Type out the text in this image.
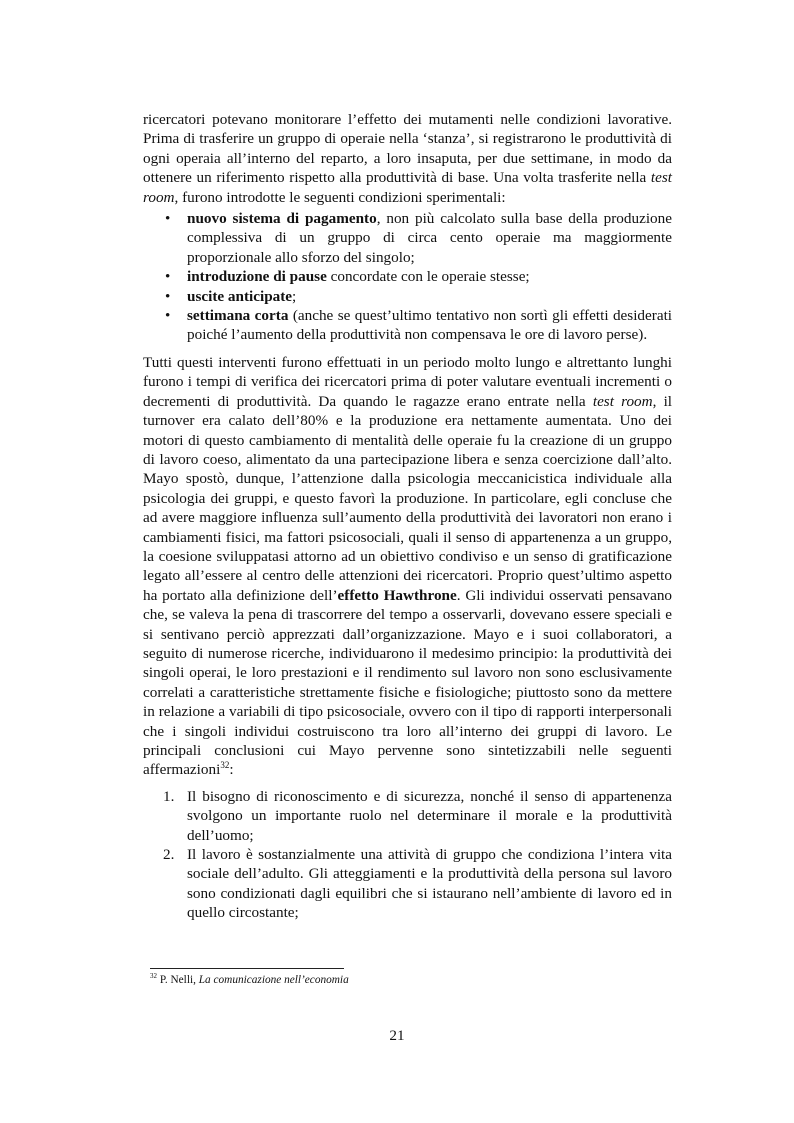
ricercatori potevano monitorare l’effetto dei mutamenti nelle condizioni lavorative. Prima di trasferire un gruppo di operaie nella ‘stanza’, si registrarono le produttività di ogni operaia all’interno del reparto, a loro insaputa, per due settimane, in modo da ottenere un riferimento rispetto alla produttività di base. Una volta trasferite nella test room, furono introdotte le seguenti condizioni sperimentali:

• nuovo sistema di pagamento, non più calcolato sulla base della produzione complessiva di un gruppo di circa cento operaie ma maggiormente proporzionale allo sforzo del singolo;
• introduzione di pause concordate con le operaie stesse;
• uscite anticipate;
• settimana corta (anche se quest’ultimo tentativo non sortì gli effetti desiderati poiché l’aumento della produttività non compensava le ore di lavoro perse).

Tutti questi interventi furono effettuati in un periodo molto lungo e altrettanto lunghi furono i tempi di verifica dei ricercatori prima di poter valutare eventuali incrementi o decrementi di produttività. Da quando le ragazze erano entrate nella test room, il turnover era calato dell’80% e la produzione era nettamente aumentata. Uno dei motori di questo cambiamento di mentalità delle operaie fu la creazione di un gruppo di lavoro coeso, alimentato da una partecipazione libera e senza coercizione dall’alto. Mayo spostò, dunque, l’attenzione dalla psicologia meccanicistica individuale alla psicologia dei gruppi, e questo favorì la produzione. In particolare, egli concluse che ad avere maggiore influenza sull’aumento della produttività dei lavoratori non erano i cambiamenti fisici, ma fattori psicosociali, quali il senso di appartenenza a un gruppo, la coesione sviluppatasi attorno ad un obiettivo condiviso e un senso di gratificazione legato all’essere al centro delle attenzioni dei ricercatori. Proprio quest’ultimo aspetto ha portato alla definizione dell’effetto Hawthrone. Gli individui osservati pensavano che, se valeva la pena di trascorrere del tempo a osservarli, dovevano essere speciali e si sentivano perciò apprezzati dall’organizzazione. Mayo e i suoi collaboratori, a seguito di numerose ricerche, individuarono il medesimo principio: la produttività dei singoli operai, le loro prestazioni e il rendimento sul lavoro non sono esclusivamente correlati a caratteristiche strettamente fisiche e fisiologiche; piuttosto sono da mettere in relazione a variabili di tipo psicosociale, ovvero con il tipo di rapporti interpersonali che i singoli individui costruiscono tra loro all’interno dei gruppi di lavoro. Le principali conclusioni cui Mayo pervenne sono sintetizzabili nelle seguenti affermazioni$^{32}$:

1. Il bisogno di riconoscimento e di sicurezza, nonché il senso di appartenenza svolgono un importante ruolo nel determinare il morale e la produttività dell’uomo;
2. Il lavoro è sostanzialmente una attività di gruppo che condiziona l’intera vita sociale dell’adulto. Gli atteggiamenti e la produttività della persona sul lavoro sono condizionati dagli equilibri che si istaurano nell’ambiente di lavoro ed in quello circostante;
$^{32}$ P. Nelli, La comunicazione nell’economia
21
